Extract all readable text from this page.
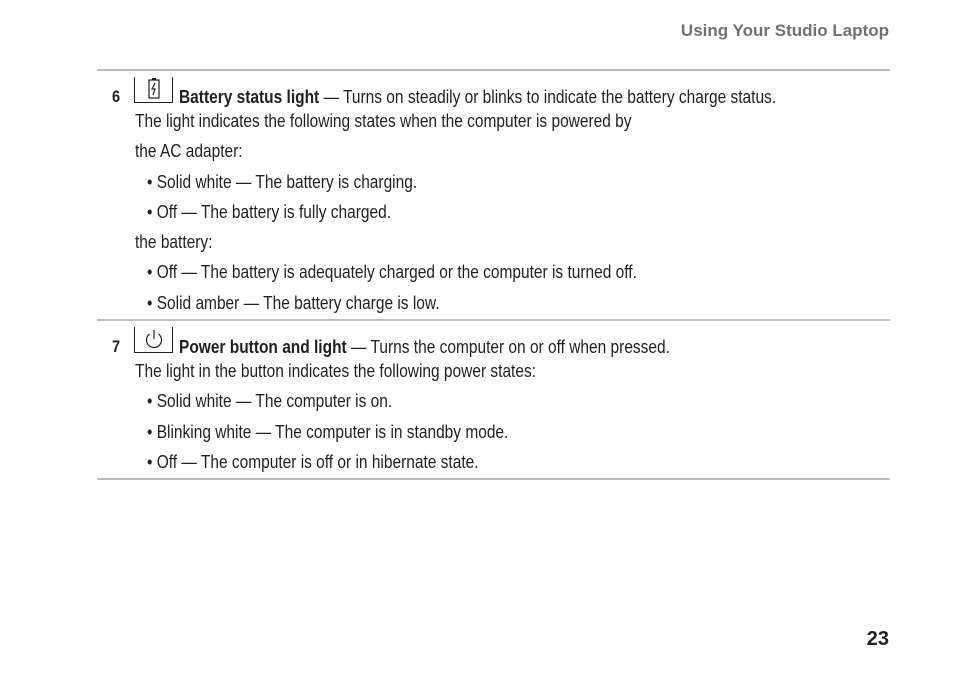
Using Your Studio Laptop
6	Battery status light — Turns on steadily or blinks to indicate the battery charge status.
The light indicates the following states when the computer is powered by
the AC adapter:
• Solid white — The battery is charging.
• Off — The battery is fully charged.
the battery:
• Off — The battery is adequately charged or the computer is turned off.
• Solid amber — The battery charge is low.
7	Power button and light — Turns the computer on or off when pressed.
The light in the button indicates the following power states:
• Solid white — The computer is on.
• Blinking white — The computer is in standby mode.
• Off — The computer is off or in hibernate state.
23
